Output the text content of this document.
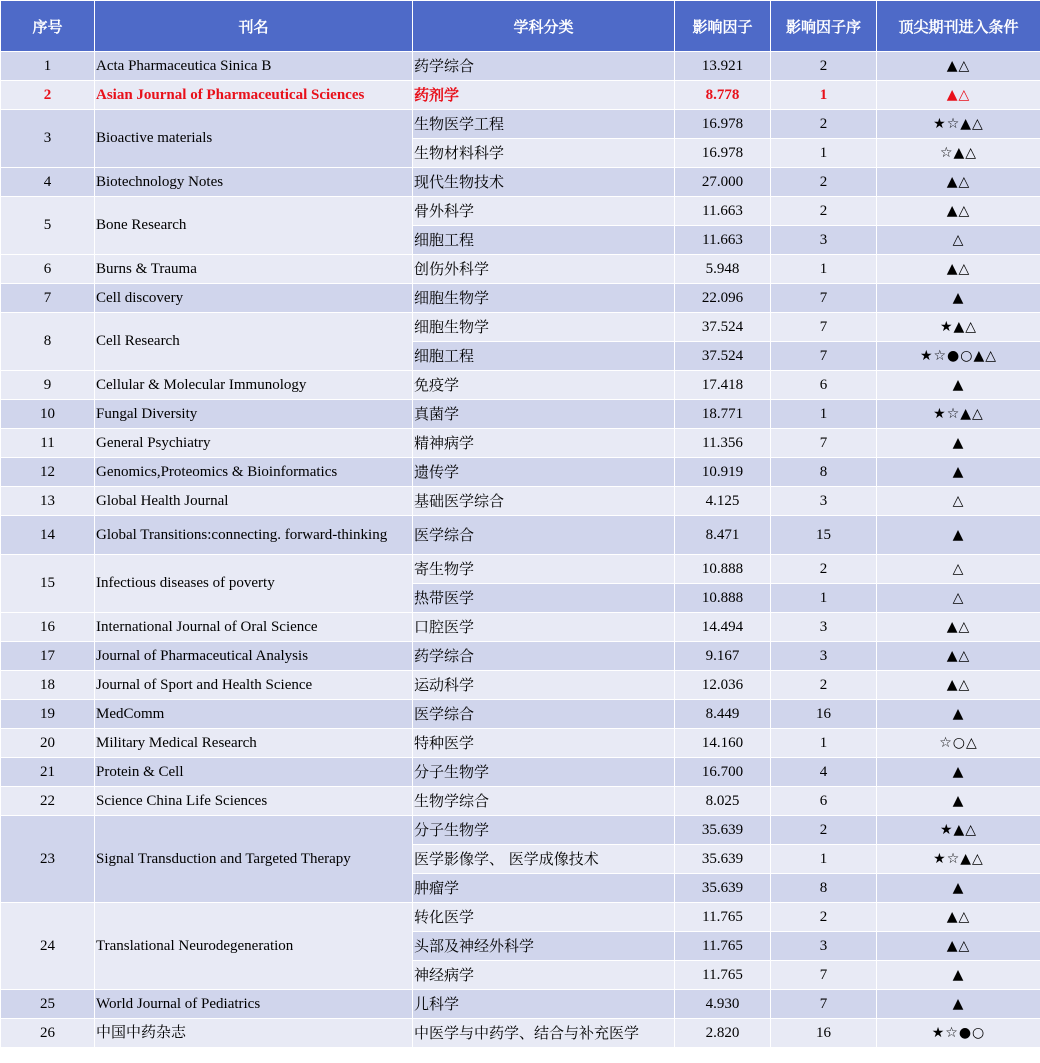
序号	刊名	学科分类	影响因子	影响因子序	顶尖期刊进入条件
1	Acta Pharmaceutica Sinica B	药学综合	13.921	2	▲△
2	Asian Journal of Pharmaceutical Sciences	药剂学	8.778	1	▲△
3	Bioactive materials	生物医学工程	16.978	2	★☆▲△
		生物材料科学	16.978	1	☆▲△
4	Biotechnology Notes	现代生物技术	27.000	2	▲△
5	Bone Research	骨外科学	11.663	2	▲△
		细胞工程	11.663	3	△
6	Burns & Trauma	创伤外科学	5.948	1	▲△
7	Cell discovery	细胞生物学	22.096	7	▲
8	Cell Research	细胞生物学	37.524	7	★▲△
		细胞工程	37.524	7	★☆●○▲△
9	Cellular & Molecular Immunology	免疫学	17.418	6	▲
10	Fungal Diversity	真菌学	18.771	1	★☆▲△
11	General Psychiatry	精神病学	11.356	7	▲
12	Genomics,Proteomics & Bioinformatics	遗传学	10.919	8	▲
13	Global Health Journal	基础医学综合	4.125	3	△
14	Global Transitions:connecting. forward-thinking	医学综合	8.471	15	▲
15	Infectious diseases of poverty	寄生物学	10.888	2	△
		热带医学	10.888	1	△
16	International Journal of Oral Science	口腔医学	14.494	3	▲△
17	Journal of Pharmaceutical Analysis	药学综合	9.167	3	▲△
18	Journal of Sport and Health Science	运动科学	12.036	2	▲△
19	MedComm	医学综合	8.449	16	▲
20	Military Medical Research	特种医学	14.160	1	☆○△
21	Protein & Cell	分子生物学	16.700	4	▲
22	Science China Life Sciences	生物学综合	8.025	6	▲
23	Signal Transduction and Targeted Therapy	分子生物学	35.639	2	★▲△
		医学影像学、 医学成像技术	35.639	1	★☆▲△
		肿瘤学	35.639	8	▲
24	Translational Neurodegeneration	转化医学	11.765	2	▲△
		头部及神经外科学	11.765	3	▲△
		神经病学	11.765	7	▲
25	World Journal of Pediatrics	儿科学	4.930	7	▲
26	中国中药杂志	中医学与中药学、结合与补充医学	2.820	16	★☆●○
